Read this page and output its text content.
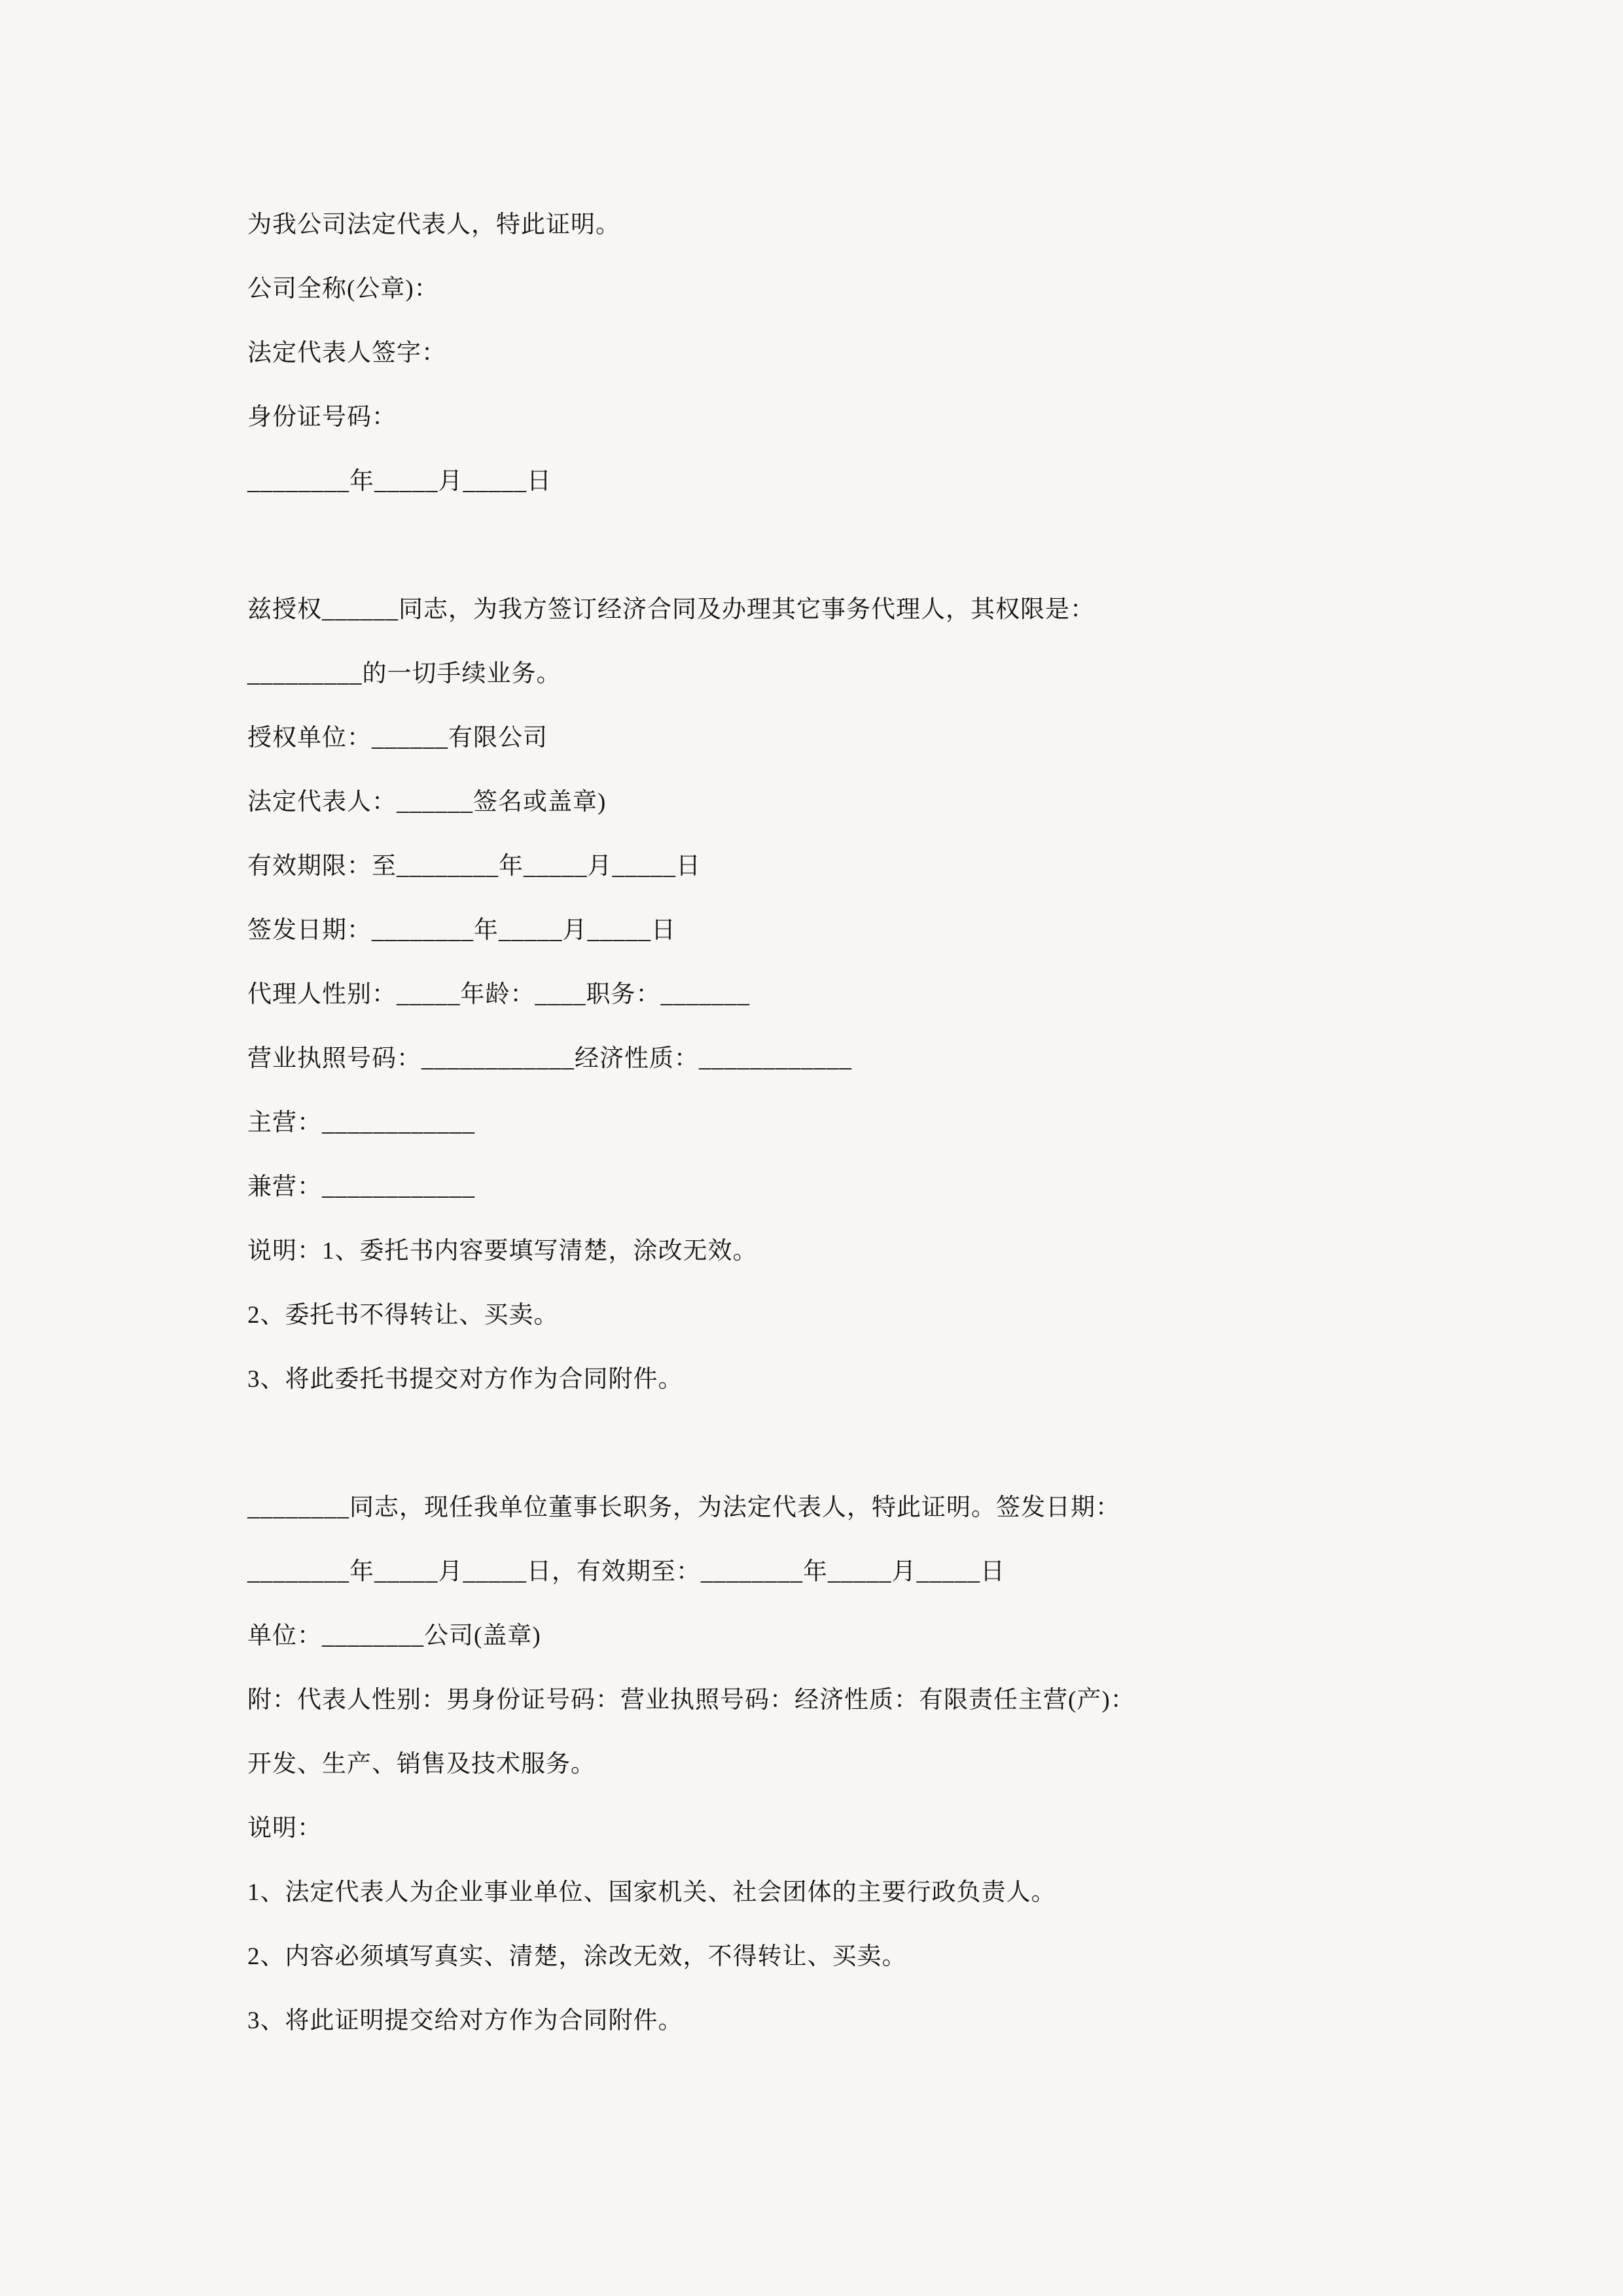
为我公司法定代表人，特此证明。

公司全称(公章)：

法定代表人签字：

身份证号码：

________年_____月_____日

兹授权______同志，为我方签订经济合同及办理其它事务代理人，其权限是：

_________的一切手续业务。

授权单位：______有限公司

法定代表人：______签名或盖章)

有效期限：至________年_____月_____日

签发日期：________年_____月_____日

代理人性别：_____年龄：____职务：_______

营业执照号码：____________经济性质：____________

主营：____________

兼营：____________

说明：1、委托书内容要填写清楚，涂改无效。

2、委托书不得转让、买卖。

3、将此委托书提交对方作为合同附件。

________同志，现任我单位董事长职务，为法定代表人，特此证明。签发日期：

________年_____月_____日，有效期至：________年_____月_____日

单位：________公司(盖章)

附：代表人性别：男身份证号码：营业执照号码：经济性质：有限责任主营(产)：

开发、生产、销售及技术服务。

说明：

1、法定代表人为企业事业单位、国家机关、社会团体的主要行政负责人。

2、内容必须填写真实、清楚，涂改无效，不得转让、买卖。

3、将此证明提交给对方作为合同附件。
